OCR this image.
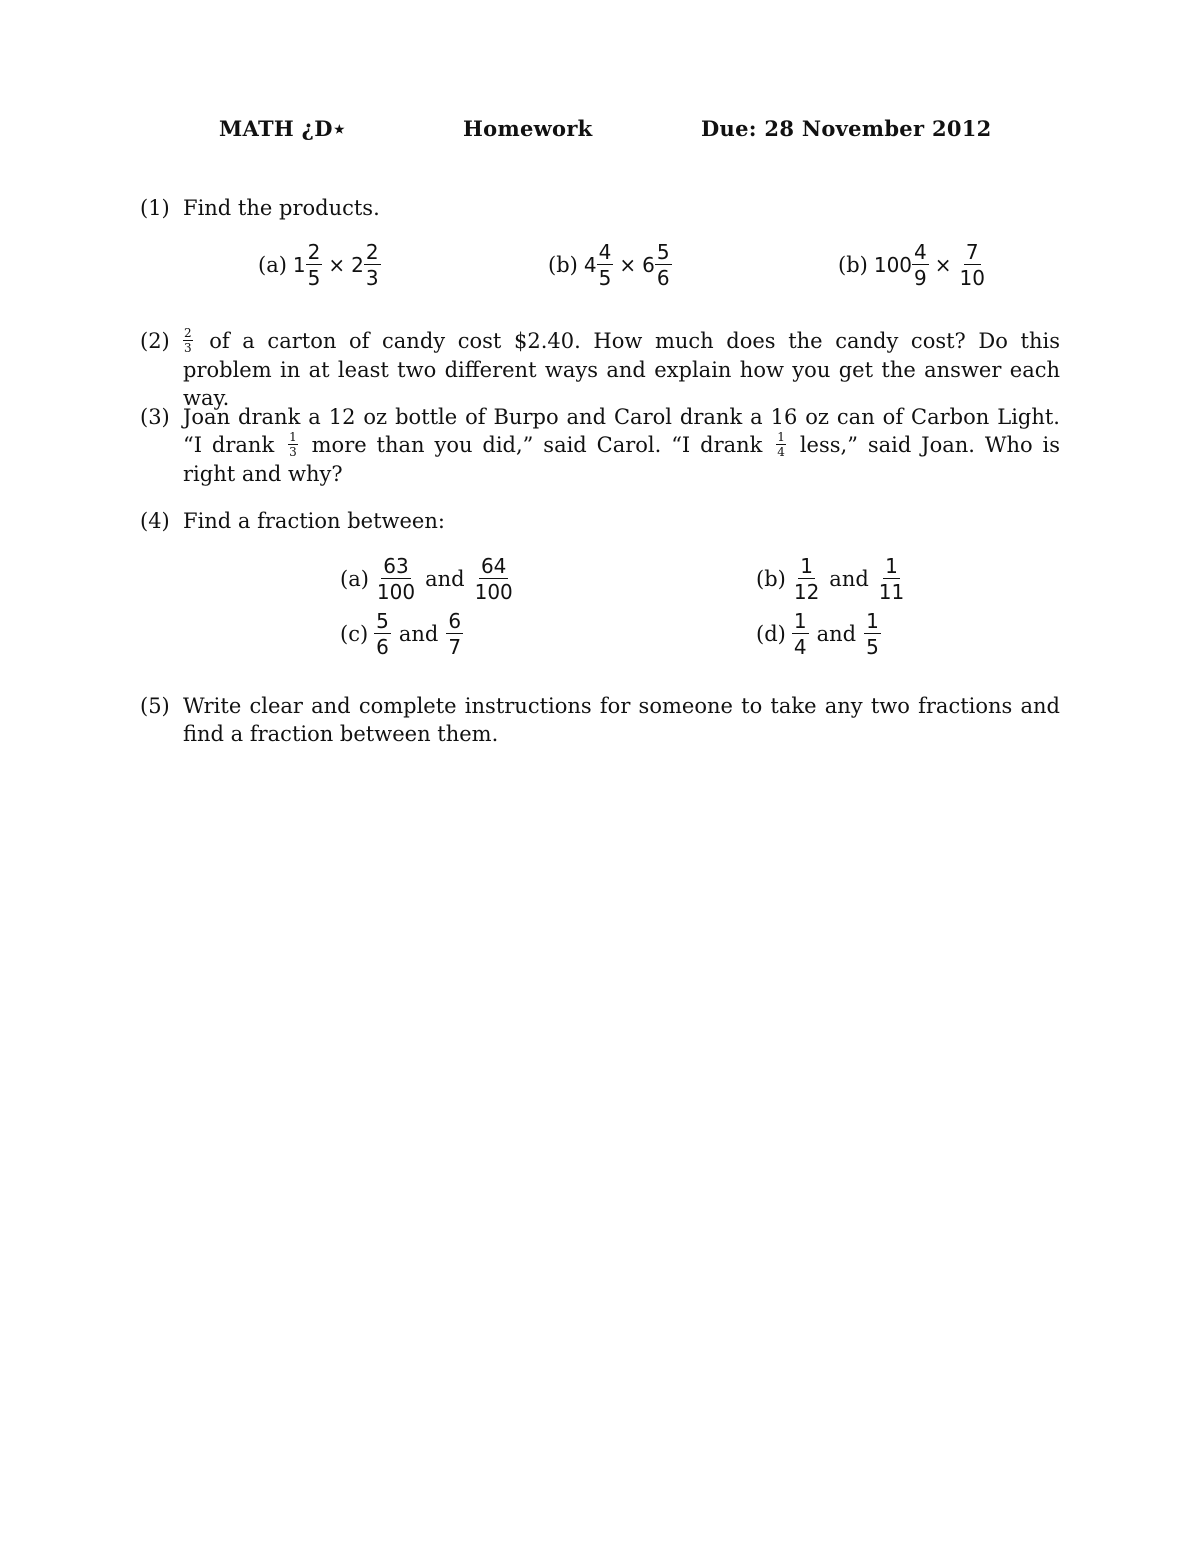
MATH ¿D⋆	Homework	Due: 28 November 2012
(1) Find the products.
(a) $1 \frac{2}{5} \times 2 \frac{2}{3}$	(b) $4 \frac{4}{5} \times 6 \frac{5}{6}$	(b) $100 \frac{4}{9} \times \frac{7}{10}$
$(2) \frac{2}{3}$ of a carton of candy cost $2.40. How much does the candy cost? Do this problem in at least two different ways and explain how you get the answer each way.
(3) Joan drank a 12 oz bottle of Burpo and Carol drank a 16 oz can of Carbon Light. “I drank $\frac{1}{3}$ more than you did,” said Carol. “I drank $\frac{1}{4}$ less,” said Joan. Who is right and why?
(4) Find a fraction between:
$(a) \frac{63}{100}$ and $\frac{64}{100}$	$(b) \frac{1}{12}$ and $\frac{1}{11}$
$(c) \frac{5}{6}$ and $\frac{6}{7}$	$(d) \frac{1}{4}$ and $\frac{1}{5}$
(5) Write clear and complete instructions for someone to take any two fractions and find a fraction between them.
